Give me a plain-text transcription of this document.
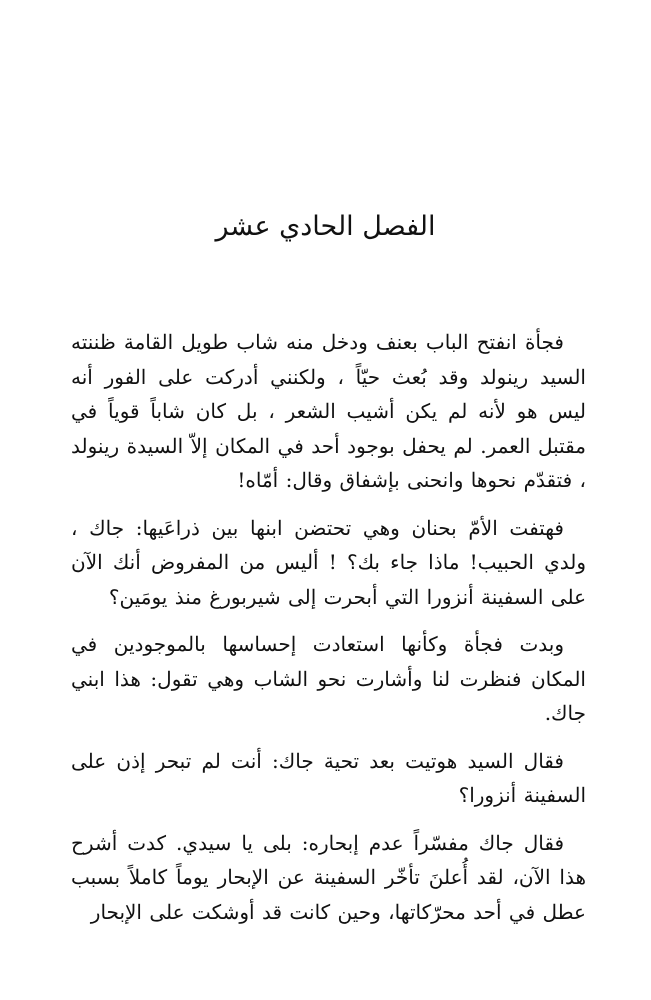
الفصل الحادي عشر

فجأة انفتح الباب بعنف ودخل منه شاب طويل القامة ظننته السيد رينولد وقد بُعث حيّاً ، ولكنني أدركت على الفور أنه ليس هو لأنه لم يكن أشيب الشعر ، بل كان شاباً قوياً في مقتبل العمر. لم يحفل بوجود أحد في المكان إلاّ السيدة رينولد ، فتقدّم نحوها وانحنى بإشفاق وقال: أمّاه!

فهتفت الأمّ بحنان وهي تحتضن ابنها بين ذراعَيها: جاك ، ولدي الحبيب! ماذا جاء بك؟ ! أليس من المفروض أنك الآن على السفينة أنزورا التي أبحرت إلى شيربورغ منذ يومَين؟

وبدت فجأة وكأنها استعادت إحساسها بالموجودين في المكان فنظرت لنا وأشارت نحو الشاب وهي تقول: هذا ابني جاك.

فقال السيد هوتيت بعد تحية جاك: أنت لم تبحر إذن على السفينة أنزورا؟

فقال جاك مفسّراً عدم إبحاره: بلى يا سيدي. كدت أشرح هذا الآن، لقد أُعلنَ تأخّر السفينة عن الإبحار يوماً كاملاً بسبب عطل في أحد محرّكاتها، وحين كانت قد أوشكت على الإبحار
